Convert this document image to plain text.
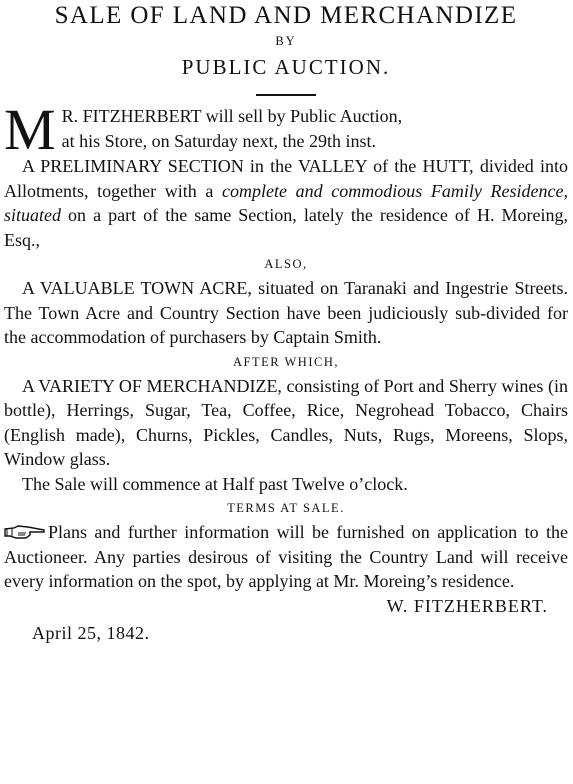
SALE OF LAND AND MERCHANDIZE
BY
PUBLIC AUCTION.
M R. FITZHERBERT will sell by Public Auction,
at his Store, on Saturday next, the 29th inst.

A PRELIMINARY SECTION in the VALLEY of the HUTT, divided into Allotments, together with a complete and commodious Family Residence, situated on a part of the same Section, lately the residence of H. Moreing, Esq.,

ALSO,

A VALUABLE TOWN ACRE, situated on Taranaki and Ingestrie Streets. The Town Acre and Country Section have been judiciously sub-divided for the accommodation of purchasers by Captain Smith.

AFTER WHICH,

A VARIETY OF MERCHANDIZE, consisting of Port and Sherry wines (in bottle), Herrings, Sugar, Tea, Coffee, Rice, Negrohead Tobacco, Chairs (English made), Churns, Pickles, Candles, Nuts, Rugs, Moreens, Slops, Window glass.

The Sale will commence at Half past Twelve o’clock.

TERMS AT SALE.

Plans and further information will be furnished on application to the Auctioneer. Any parties desirous of visiting the Country Land will receive every information on the spot, by applying at Mr. Moreing’s residence.

W. FITZHERBERT.
April 25, 1842.
